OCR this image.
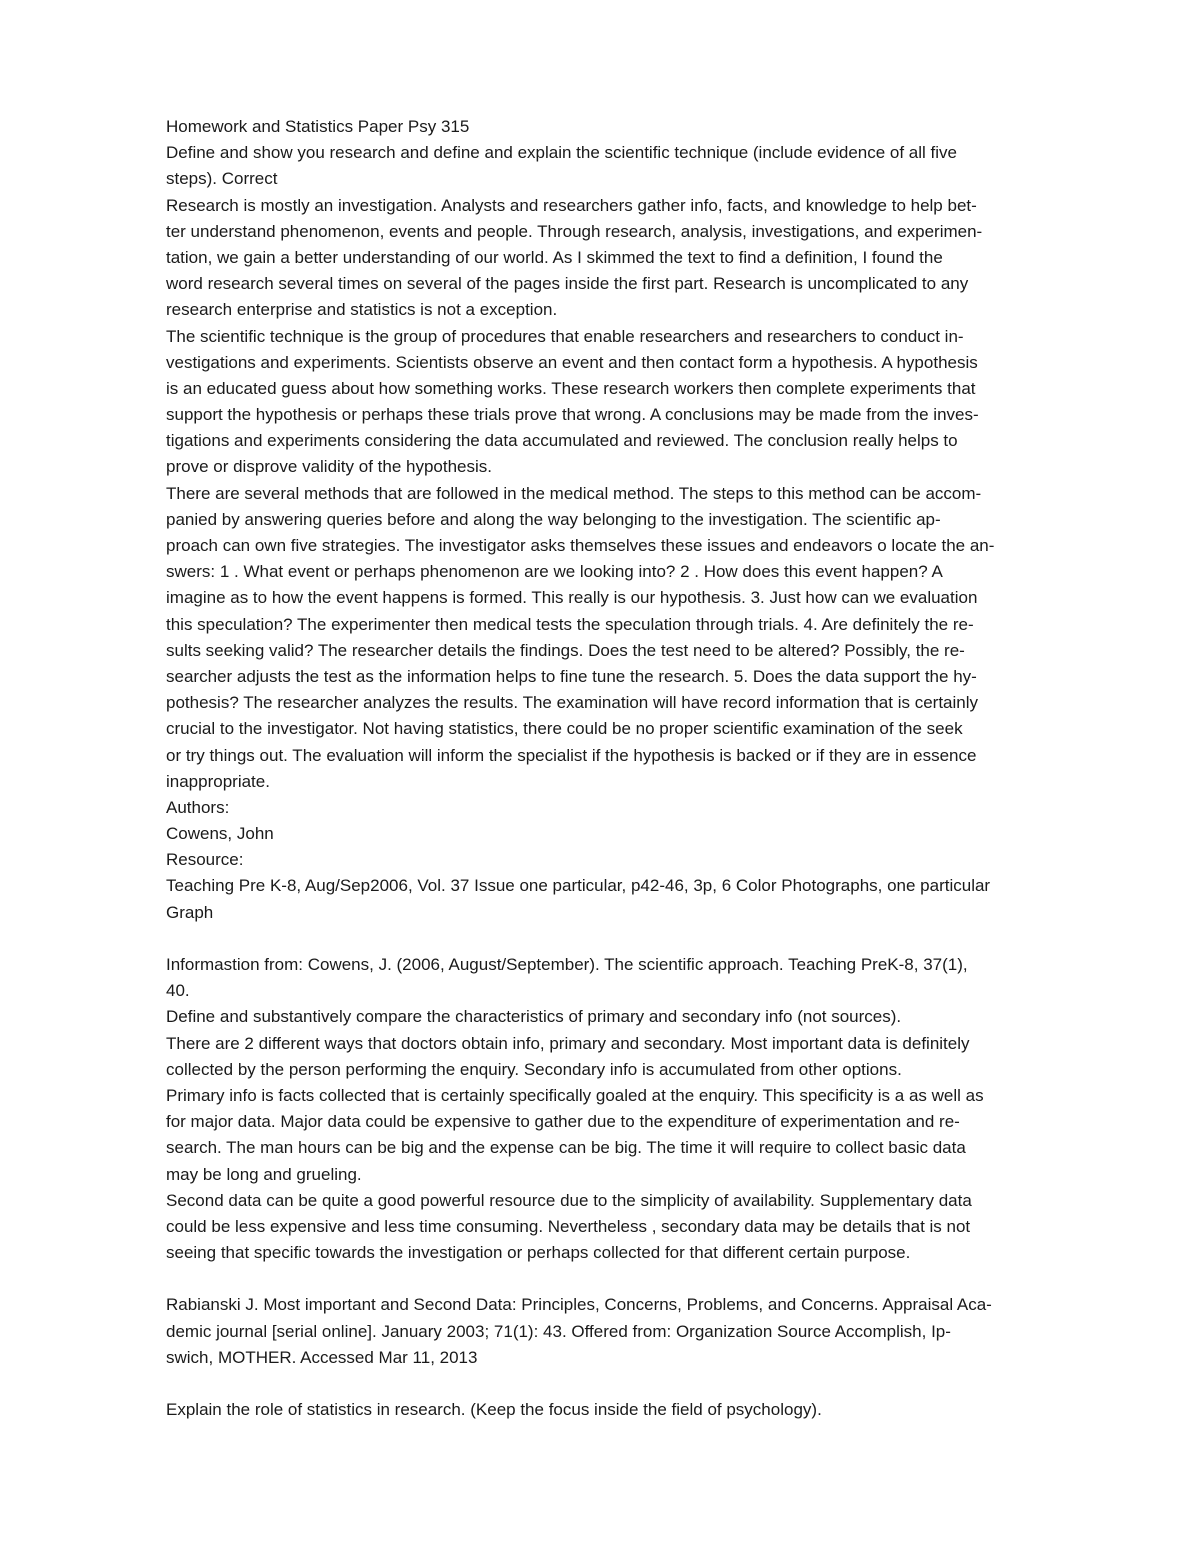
Homework and Statistics Paper Psy 315
Define and show you research and define and explain the scientific technique (include evidence of all five
steps). Correct
Research is mostly an investigation. Analysts and researchers gather info, facts, and knowledge to help bet-
ter understand phenomenon, events and people. Through research, analysis, investigations, and experimen-
tation, we gain a better understanding of our world. As I skimmed the text to find a definition, I found the
word research several times on several of the pages inside the first part. Research is uncomplicated to any
research enterprise and statistics is not a exception.
The scientific technique is the group of procedures that enable researchers and researchers to conduct in-
vestigations and experiments. Scientists observe an event and then contact form a hypothesis. A hypothesis
is an educated guess about how something works. These research workers then complete experiments that
support the hypothesis or perhaps these trials prove that wrong. A conclusions may be made from the inves-
tigations and experiments considering the data accumulated and reviewed. The conclusion really helps to
prove or disprove validity of the hypothesis.
There are several methods that are followed in the medical method. The steps to this method can be accom-
panied by answering queries before and along the way belonging to the investigation. The scientific ap-
proach can own five strategies. The investigator asks themselves these issues and endeavors o locate the an-
swers: 1 . What event or perhaps phenomenon are we looking into? 2 . How does this event happen? A
imagine as to how the event happens is formed. This really is our hypothesis. 3. Just how can we evaluation
this speculation? The experimenter then medical tests the speculation through trials. 4. Are definitely the re-
sults seeking valid? The researcher details the findings. Does the test need to be altered? Possibly, the re-
searcher adjusts the test as the information helps to fine tune the research. 5. Does the data support the hy-
pothesis? The researcher analyzes the results. The examination will have record information that is certainly
crucial to the investigator. Not having statistics, there could be no proper scientific examination of the seek
or try things out. The evaluation will inform the specialist if the hypothesis is backed or if they are in essence
inappropriate.
Authors:
Cowens, John
Resource:
Teaching Pre K-8, Aug/Sep2006, Vol. 37 Issue one particular, p42-46, 3p, 6 Color Photographs, one particular
Graph
Informastion from: Cowens, J. (2006, August/September). The scientific approach. Teaching PreK-8, 37(1),
40.
Define and substantively compare the characteristics of primary and secondary info (not sources).
There are 2 different ways that doctors obtain info, primary and secondary. Most important data is definitely
collected by the person performing the enquiry. Secondary info is accumulated from other options.
Primary info is facts collected that is certainly specifically goaled at the enquiry. This specificity is a as well as
for major data. Major data could be expensive to gather due to the expenditure of experimentation and re-
search. The man hours can be big and the expense can be big. The time it will require to collect basic data
may be long and grueling.
Second data can be quite a good powerful resource due to the simplicity of availability. Supplementary data
could be less expensive and less time consuming. Nevertheless , secondary data may be details that is not
seeing that specific towards the investigation or perhaps collected for that different certain purpose.
Rabianski J. Most important and Second Data: Principles, Concerns, Problems, and Concerns. Appraisal Aca-
demic journal [serial online]. January 2003; 71(1): 43. Offered from: Organization Source Accomplish, Ip-
swich, MOTHER. Accessed Mar 11, 2013
Explain the role of statistics in research. (Keep the focus inside the field of psychology).
